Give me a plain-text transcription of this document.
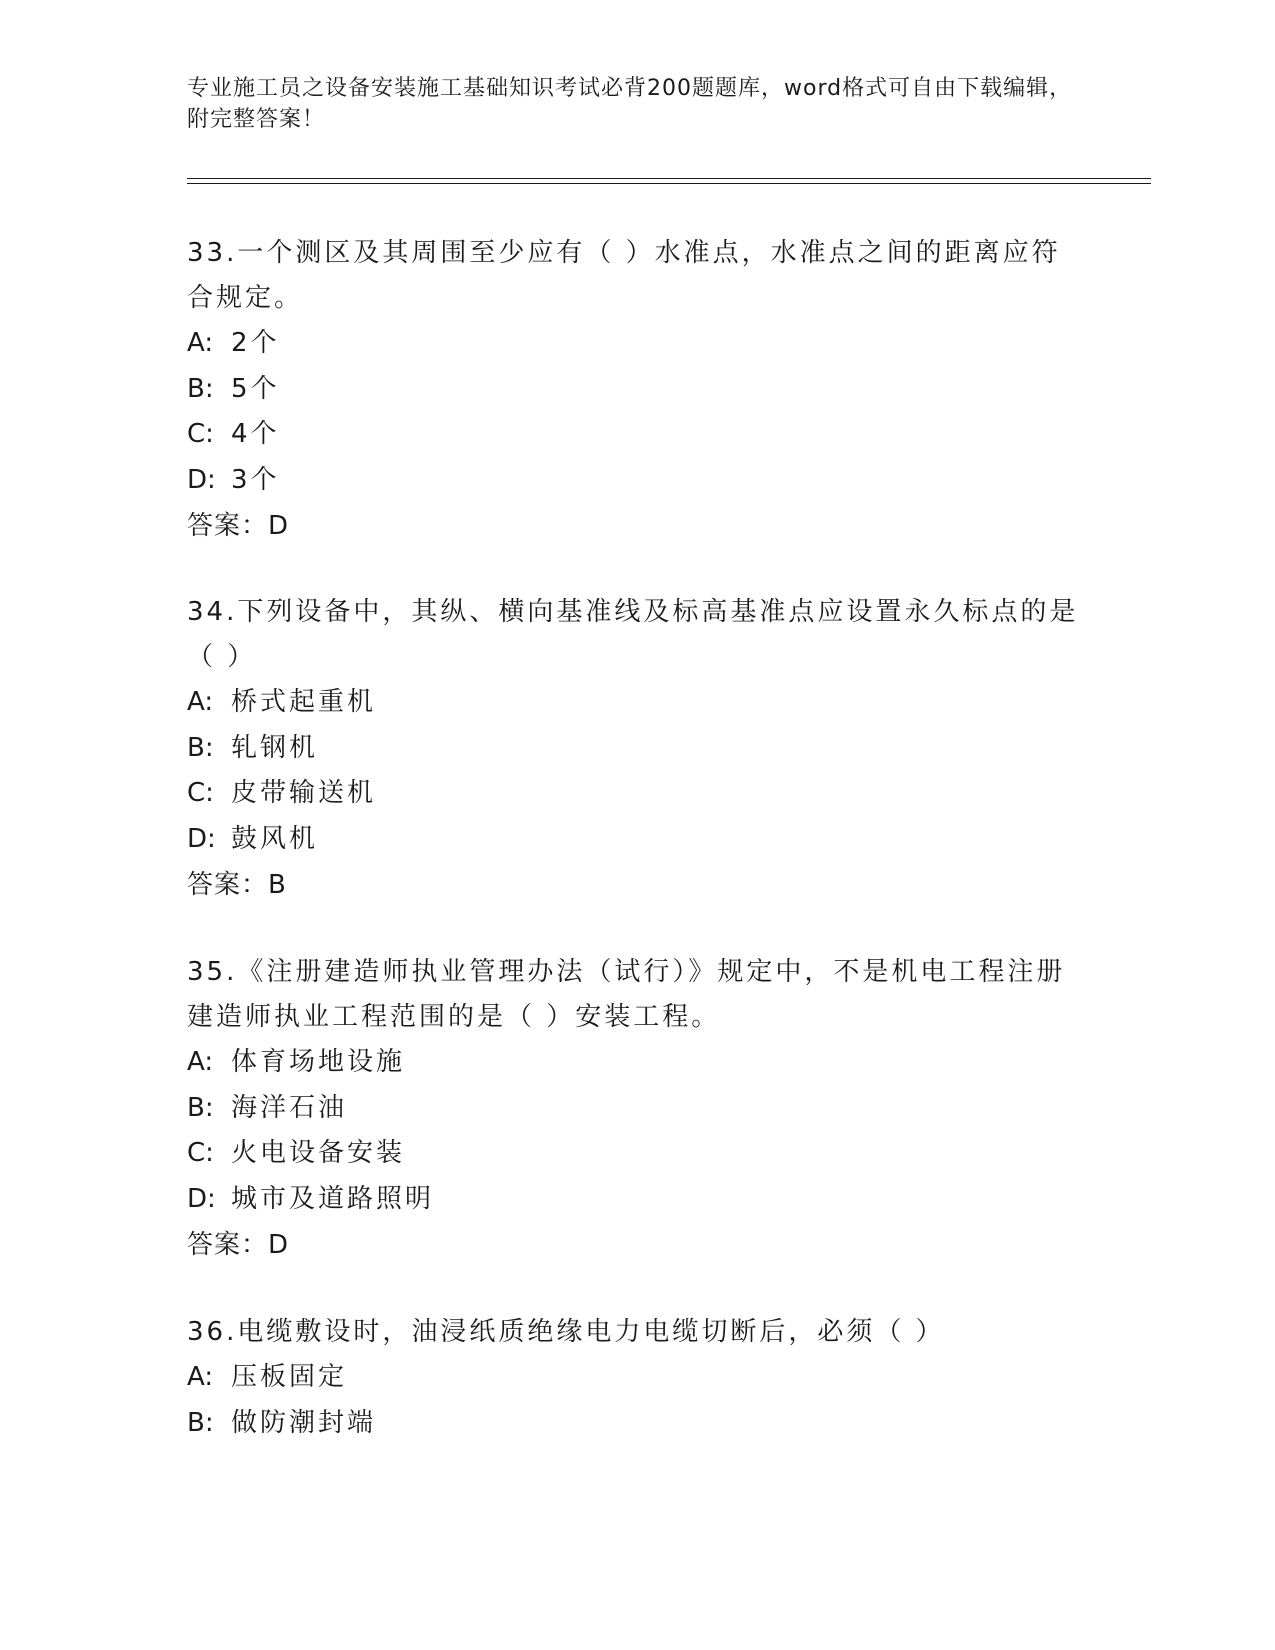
专业施工员之设备安装施工基础知识考试必背200题题库，word格式可自由下载编辑，附完整答案！
33.一个测区及其周围至少应有（ ）水准点，水准点之间的距离应符合规定。
A: 2个
B: 5个
C: 4个
D: 3个
答案：D
34.下列设备中，其纵、横向基准线及标高基准点应设置永久标点的是（ ）
A: 桥式起重机
B: 轧钢机
C: 皮带输送机
D: 鼓风机
答案：B
35.《注册建造师执业管理办法（试行）》规定中，不是机电工程注册建造师执业工程范围的是（ ）安装工程。
A: 体育场地设施
B: 海洋石油
C: 火电设备安装
D: 城市及道路照明
答案：D
36.电缆敷设时，油浸纸质绝缘电力电缆切断后，必须（ ）
A: 压板固定
B: 做防潮封端
